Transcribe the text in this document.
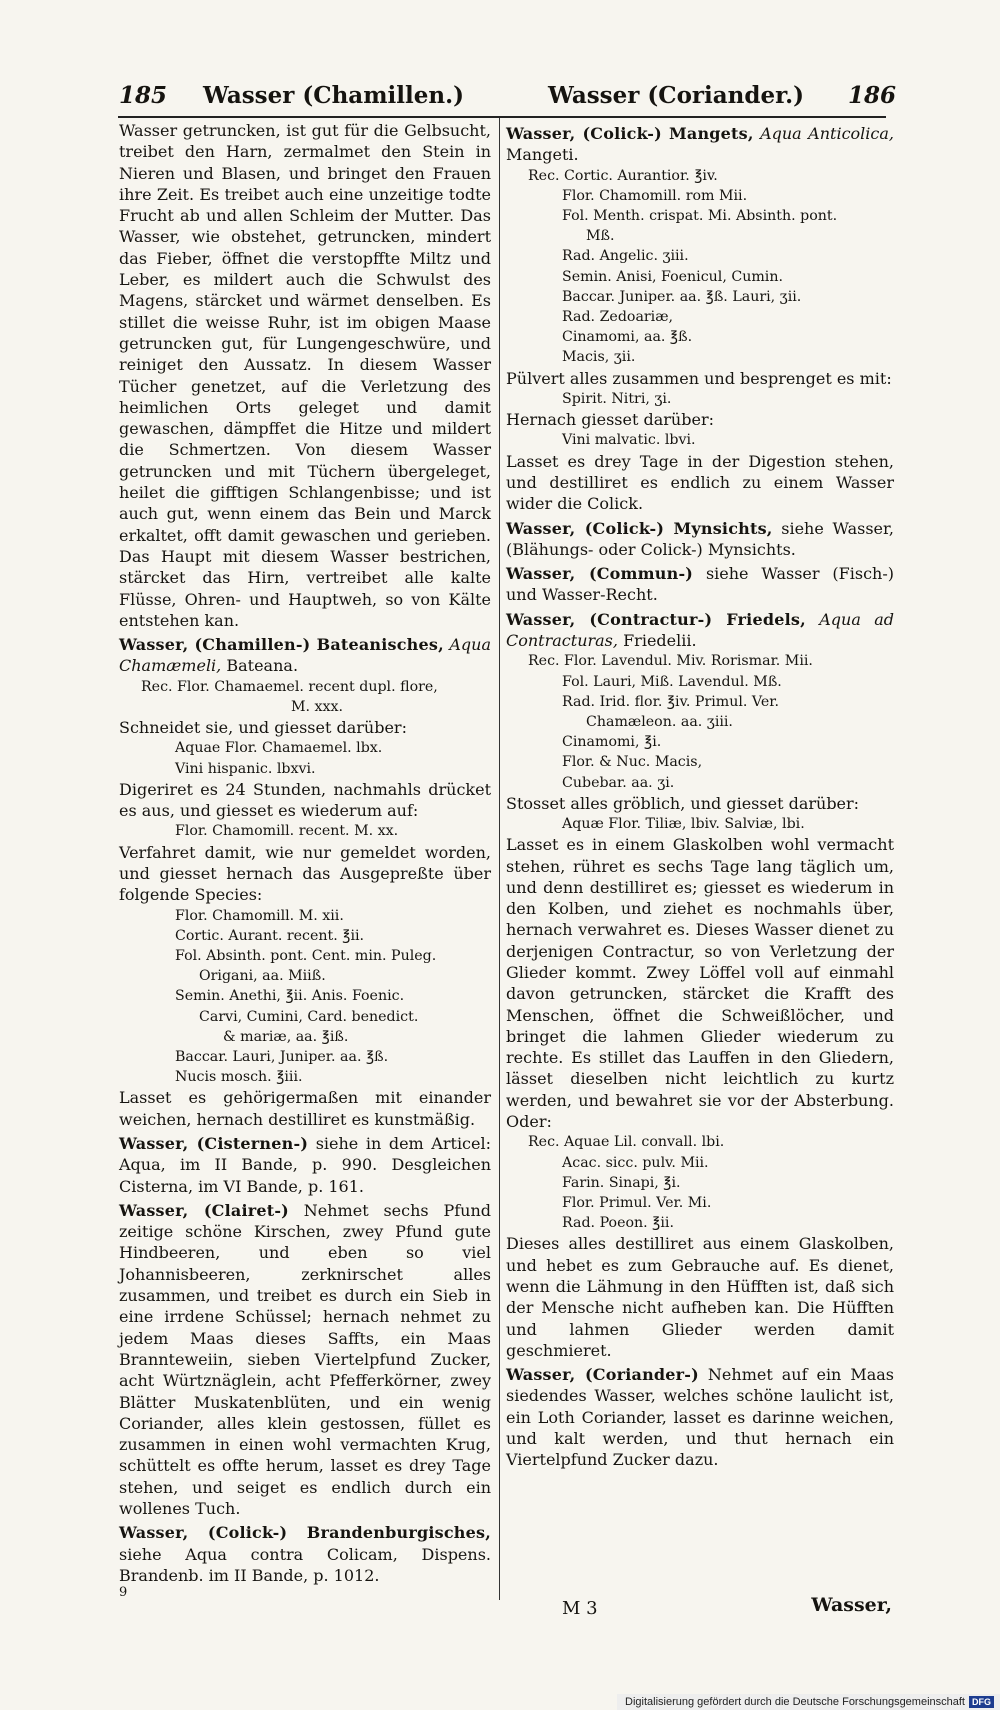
185 Wasser (Chamillen.)	Wasser (Coriander.) 186

Wasser getruncken, ist gut für die Gelbsucht, treibet den Harn, zermalmet den Stein in Nieren und Blasen, und bringet den Frauen ihre Zeit. Es treibet auch eine unzeitige todte Frucht ab und allen Schleim der Mutter. Das Wasser, wie obstehet, getruncken, mindert das Fieber, öffnet die verstopffte Miltz und Leber, es mildert auch die Schwulst des Magens, stärcket und wärmet denselben. Es stillet die weisse Ruhr, ist im obigen Maase getruncken gut, für Lungengeschwüre, und reiniget den Aussatz. In diesem Wasser Tücher genetzet, auf die Verletzung des heimlichen Orts geleget und damit gewaschen, dämpffet die Hitze und mildert die Schmertzen. Von diesem Wasser getruncken und mit Tüchern übergeleget, heilet die gifftigen Schlangenbisse; und ist auch gut, wenn einem das Bein und Marck erkaltet, offt damit gewaschen und gerieben. Das Haupt mit diesem Wasser bestrichen, stärcket das Hirn, vertreibet alle kalte Flüsse, Ohren- und Hauptweh, so von Kälte entstehen kan.

Wasser, (Chamillen-) Bateanisches, Aqua Chamæmeli, Bateana.

Rec. Flor. Chamaemel. recent dupl. flore,

M. xxx.

Schneidet sie, und giesset darüber:

Aquae Flor. Chamaemel. lbx.

Vini hispanic. lbxvi.

Digeriret es 24 Stunden, nachmahls drücket es aus, und giesset es wiederum auf:

Flor. Chamomill. recent. M. xx.

Verfahret damit, wie nur gemeldet worden, und giesset hernach das Ausgepreßte über folgende Species:

Flor. Chamomill. M. xii.

Cortic. Aurant. recent. ℥ii.

Fol. Absinth. pont. Cent. min. Puleg.

Origani, aa. Miiß.

Semin. Anethi, ℥ii. Anis. Foenic.

Carvi, Cumini, Card. benedict.

& mariæ, aa. ℥iß.

Baccar. Lauri, Juniper. aa. ℥ß.

Nucis mosch. ℥iii.

Lasset es gehörigermaßen mit einander weichen, hernach destilliret es kunstmäßig.

Wasser, (Cisternen-) siehe in dem Articel: Aqua, im II Bande, p. 990. Desgleichen Cisterna, im VI Bande, p. 161.

Wasser, (Clairet-) Nehmet sechs Pfund zeitige schöne Kirschen, zwey Pfund gute Hindbeeren, und eben so viel Johannisbeeren, zerknirschet alles zusammen, und treibet es durch ein Sieb in eine irrdene Schüssel; hernach nehmet zu jedem Maas dieses Saffts, ein Maas Brannteweiin, sieben Viertelpfund Zucker, acht Würtznäglein, acht Pfefferkörner, zwey Blätter Muskatenblüten, und ein wenig Coriander, alles klein gestossen, füllet es zusammen in einen wohl vermachten Krug, schüttelt es offte herum, lasset es drey Tage stehen, und seiget es endlich durch ein wollenes Tuch.

Wasser, (Colick-) Brandenburgisches, siehe Aqua contra Colicam, Dispens. Brandenb. im II Bande, p. 1012.

Wasser, (Colick-) Mangets, Aqua Anticolica, Mangeti.

Rec. Cortic. Aurantior. ℥iv.

Flor. Chamomill. rom Mii.

Fol. Menth. crispat. Mi. Absinth. pont.

Mß.

Rad. Angelic. ʒiii.

Semin. Anisi, Foenicul, Cumin.

Baccar. Juniper. aa. ℥ß. Lauri, ʒii.

Rad. Zedoariæ,

Cinamomi, aa. ℥ß.

Macis, ʒii.

Pülvert alles zusammen und besprenget es mit:

Spirit. Nitri, ʒi.

Hernach giesset darüber:

Vini malvatic. lbvi.

Lasset es drey Tage in der Digestion stehen, und destilliret es endlich zu einem Wasser wider die Colick.

Wasser, (Colick-) Mynsichts, siehe Wasser, (Blähungs- oder Colick-) Mynsichts.

Wasser, (Commun-) siehe Wasser (Fisch-) und Wasser-Recht.

Wasser, (Contractur-) Friedels, Aqua ad Contracturas, Friedelii.

Rec. Flor. Lavendul. Miv. Rorismar. Mii.

Fol. Lauri, Miß. Lavendul. Mß.

Rad. Irid. flor. ℥iv. Primul. Ver.

Chamæleon. aa. ʒiii.

Cinamomi, ℥i.

Flor. & Nuc. Macis,

Cubebar. aa. ʒi.

Stosset alles gröblich, und giesset darüber:

Aquæ Flor. Tiliæ, lbiv. Salviæ, lbi.

Lasset es in einem Glaskolben wohl vermacht stehen, rühret es sechs Tage lang täglich um, und denn destilliret es; giesset es wiederum in den Kolben, und ziehet es nochmahls über, hernach verwahret es. Dieses Wasser dienet zu derjenigen Contractur, so von Verletzung der Glieder kommt. Zwey Löffel voll auf einmahl davon getruncken, stärcket die Krafft des Menschen, öffnet die Schweißlöcher, und bringet die lahmen Glieder wiederum zu rechte. Es stillet das Lauffen in den Gliedern, lässet dieselben nicht leichtlich zu kurtz werden, und bewahret sie vor der Absterbung. Oder:

Rec. Aquae Lil. convall. lbi.

Acac. sicc. pulv. Mii.

Farin. Sinapi, ℥i.

Flor. Primul. Ver. Mi.

Rad. Poeon. ℥ii.

Dieses alles destilliret aus einem Glaskolben, und hebet es zum Gebrauche auf. Es dienet, wenn die Lähmung in den Hüfften ist, daß sich der Mensche nicht aufheben kan. Die Hüfften und lahmen Glieder werden damit geschmieret.

Wasser, (Coriander-) Nehmet auf ein Maas siedendes Wasser, welches schöne laulicht ist, ein Loth Coriander, lasset es darinne weichen, und kalt werden, und thut hernach ein Viertelpfund Zucker dazu.

9
M 3	Wasser,
Digitalisierung gefördert durch die Deutsche Forschungsgemeinschaft DFG
